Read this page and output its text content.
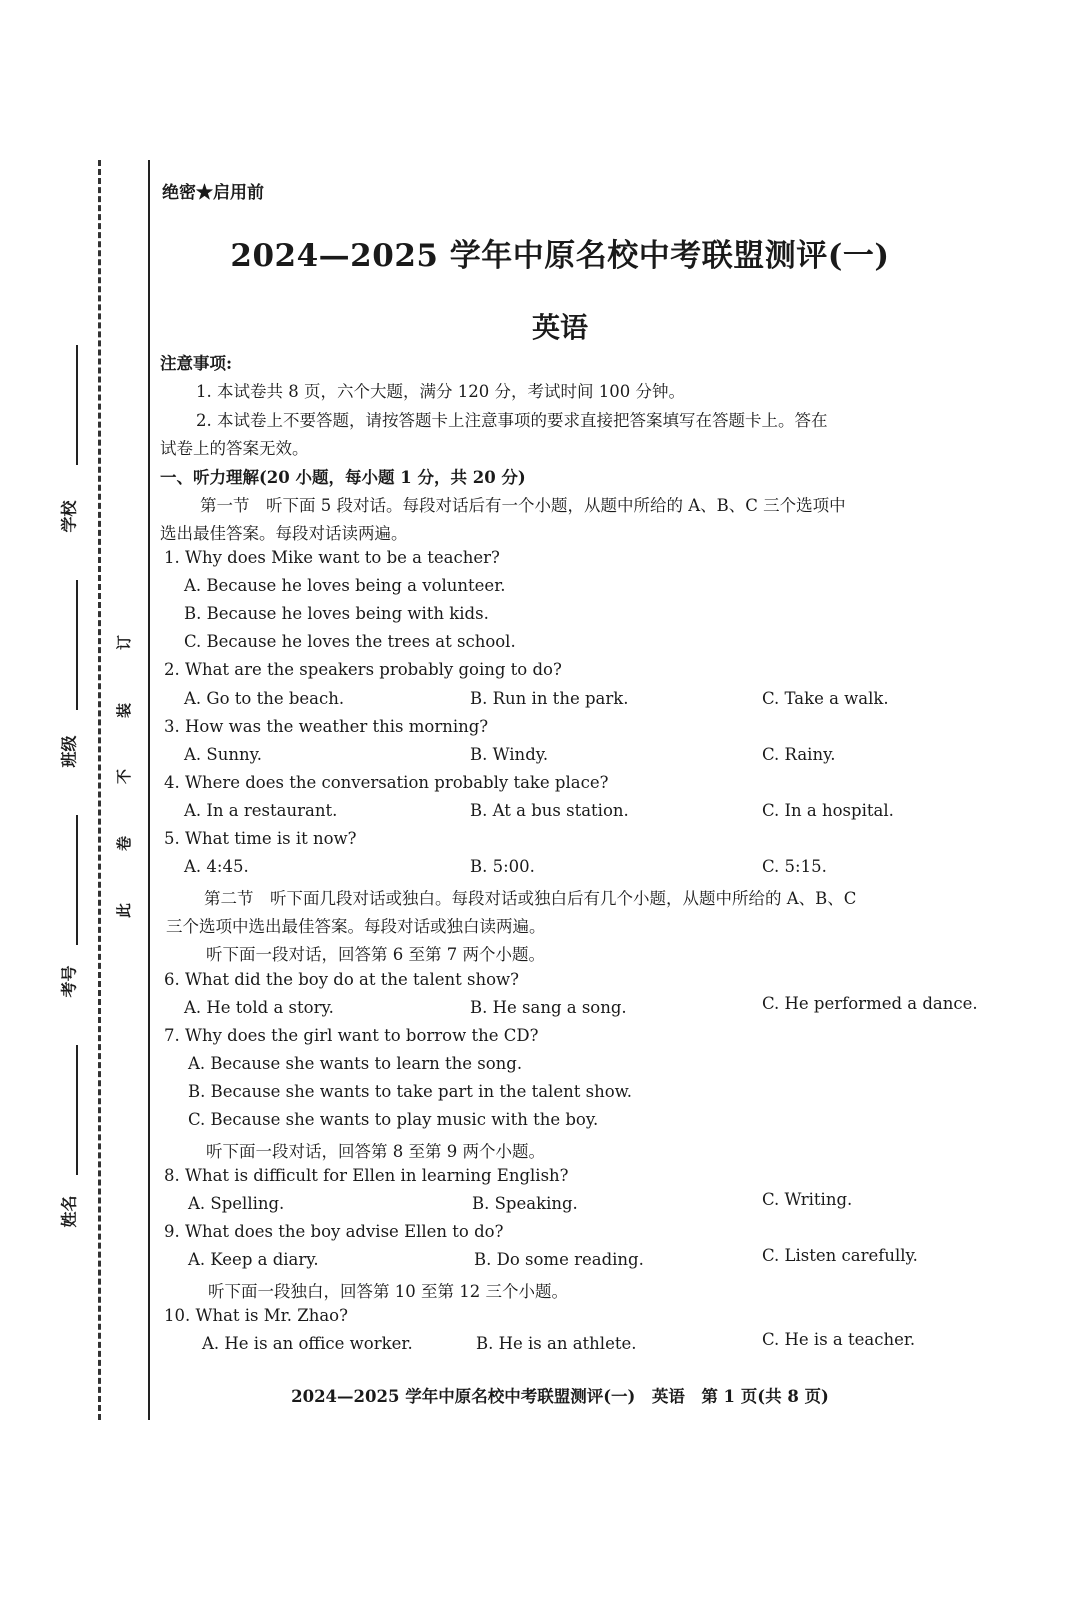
学校
班级
考号
姓名
此
卷
不
装
订
绝密★启用前
2024—2025 学年中原名校中考联盟测评(一)
英语
注意事项:
1. 本试卷共 8 页，六个大题，满分 120 分，考试时间 100 分钟。
2. 本试卷上不要答题，请按答题卡上注意事项的要求直接把答案填写在答题卡上。答在
试卷上的答案无效。
一、听力理解(20 小题，每小题 1 分，共 20 分)
第一节　听下面 5 段对话。每段对话后有一个小题，从题中所给的 A、B、C 三个选项中
选出最佳答案。每段对话读两遍。
1. Why does Mike want to be a teacher?
A. Because he loves being a volunteer.
B. Because he loves being with kids.
C. Because he loves the trees at school.
2. What are the speakers probably going to do?
A. Go to the beach.	B. Run in the park.	C. Take a walk.
3. How was the weather this morning?
A. Sunny.	B. Windy.	C. Rainy.
4. Where does the conversation probably take place?
A. In a restaurant.	B. At a bus station.	C. In a hospital.
5. What time is it now?
A. 4:45.	B. 5:00.	C. 5:15.
第二节　听下面几段对话或独白。每段对话或独白后有几个小题，从题中所给的 A、B、C
三个选项中选出最佳答案。每段对话或独白读两遍。
听下面一段对话，回答第 6 至第 7 两个小题。
6. What did the boy do at the talent show?
A. He told a story.	B. He sang a song.	C. He performed a dance.
7. Why does the girl want to borrow the CD?
A. Because she wants to learn the song.
B. Because she wants to take part in the talent show.
C. Because she wants to play music with the boy.
听下面一段对话，回答第 8 至第 9 两个小题。
8. What is difficult for Ellen in learning English?
A. Spelling.	B. Speaking.	C. Writing.
9. What does the boy advise Ellen to do?
A. Keep a diary.	B. Do some reading.	C. Listen carefully.
听下面一段独白，回答第 10 至第 12 三个小题。
10. What is Mr. Zhao?
A. He is an office worker.	B. He is an athlete.	C. He is a teacher.
2024—2025 学年中原名校中考联盟测评(一)　英语　第 1 页(共 8 页)
